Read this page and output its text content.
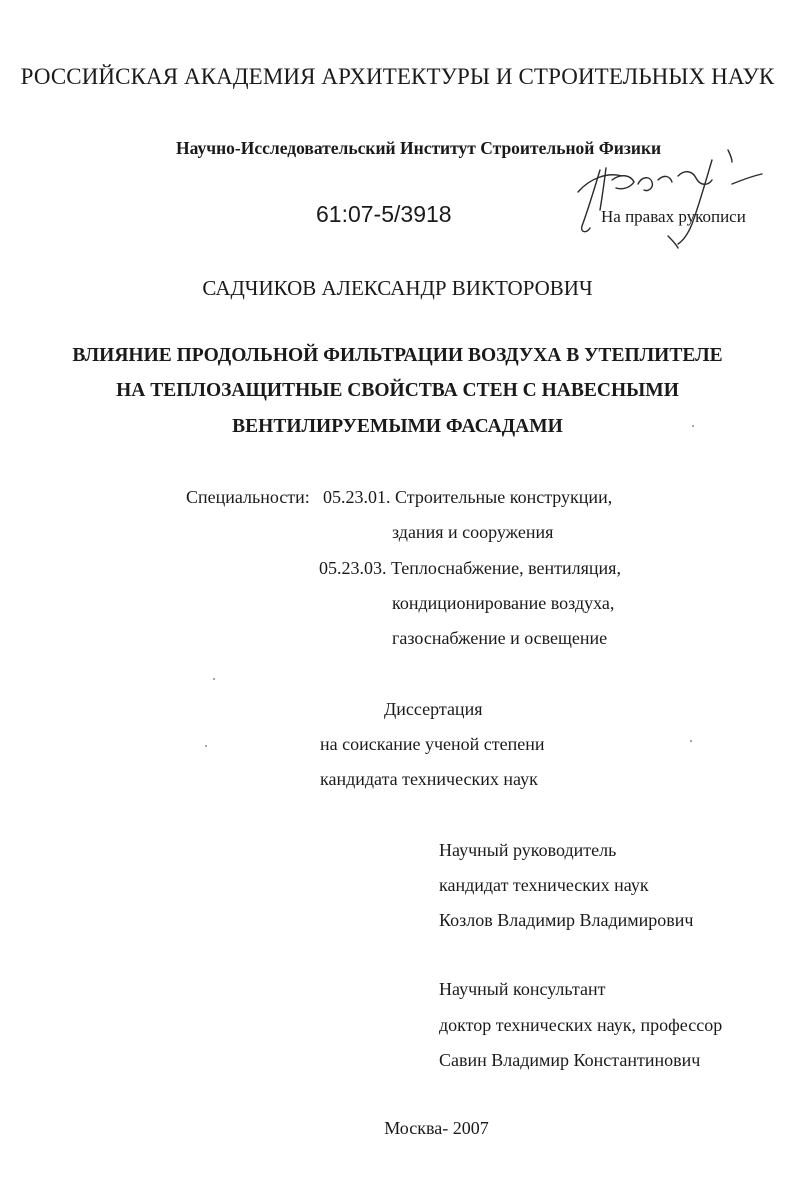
РОССИЙСКАЯ АКАДЕМИЯ АРХИТЕКТУРЫ И СТРОИТЕЛЬНЫХ НАУК
Научно-Исследовательский Институт Строительной Физики
61:07-5/3918	На правах рукописи
САДЧИКОВ АЛЕКСАНДР ВИКТОРОВИЧ
ВЛИЯНИЕ ПРОДОЛЬНОЙ ФИЛЬТРАЦИИ ВОЗДУХА В УТЕПЛИТЕЛЕ
НА ТЕПЛОЗАЩИТНЫЕ СВОЙСТВА СТЕН С НАВЕСНЫМИ
ВЕНТИЛИРУЕМЫМИ ФАСАДАМИ
Специальности: 05.23.01. Строительные конструкции,
здания и сооружения
05.23.03. Теплоснабжение, вентиляция,
кондиционирование воздуха,
газоснабжение и освещение
Диссертация
на соискание ученой степени
кандидата технических наук
Научный руководитель
кандидат технических наук
Козлов Владимир Владимирович
Научный консультант
доктор технических наук, профессор
Савин Владимир Константинович
Москва- 2007
